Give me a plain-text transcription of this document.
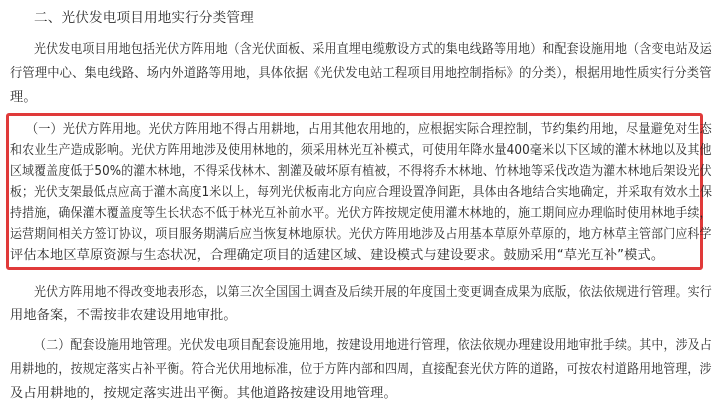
二、光伏发电项目用地实行分类管理
光伏发电项目用地包括光伏方阵用地（含光伏面板、采用直埋电缆敷设方式的集电线路等用地）和配套设施用地（含变电站及运
行管理中心、集电线路、场内外道路等用地，具体依据《光伏发电站工程项目用地控制指标》的分类），根据用地性质实行分类管
理。
（一）光伏方阵用地。光伏方阵用地不得占用耕地，占用其他农用地的，应根据实际合理控制，节约集约用地，尽量避免对生态
和农业生产造成影响。光伏方阵用地涉及使用林地的，须采用林光互补模式，可使用年降水量400毫米以下区域的灌木林地以及其他
区域覆盖度低于50%的灌木林地，不得采伐林木、割灌及破坏原有植被，不得将乔木林地、竹林地等采伐改造为灌木林地后架设光伏
板；光伏支架最低点应高于灌木高度1米以上，每列光伏板南北方向应合理设置净间距，具体由各地结合实地确定，并采取有效水土保
持措施，确保灌木覆盖度等生长状态不低于林光互补前水平。光伏方阵按规定使用灌木林地的，施工期间应办理临时使用林地手续，
运营期间相关方签订协议，项目服务期满后应当恢复林地原状。光伏方阵用地涉及占用基本草原外草原的，地方林草主管部门应科学
评估本地区草原资源与生态状况，合理确定项目的适建区域、建设模式与建设要求。鼓励采用“草光互补”模式。
光伏方阵用地不得改变地表形态，以第三次全国国土调查及后续开展的年度国土变更调查成果为底版，依法依规进行管理。实行
用地备案，不需按非农建设用地审批。
（二）配套设施用地管理。光伏发电项目配套设施用地，按建设用地进行管理，依法依规办理建设用地审批手续。其中，涉及占
用耕地的，按规定落实占补平衡。符合光伏用地标准，位于方阵内部和四周，直接配套光伏方阵的道路，可按农村道路用地管理，涉
及占用耕地的，按规定落实进出平衡。其他道路按建设用地管理。
